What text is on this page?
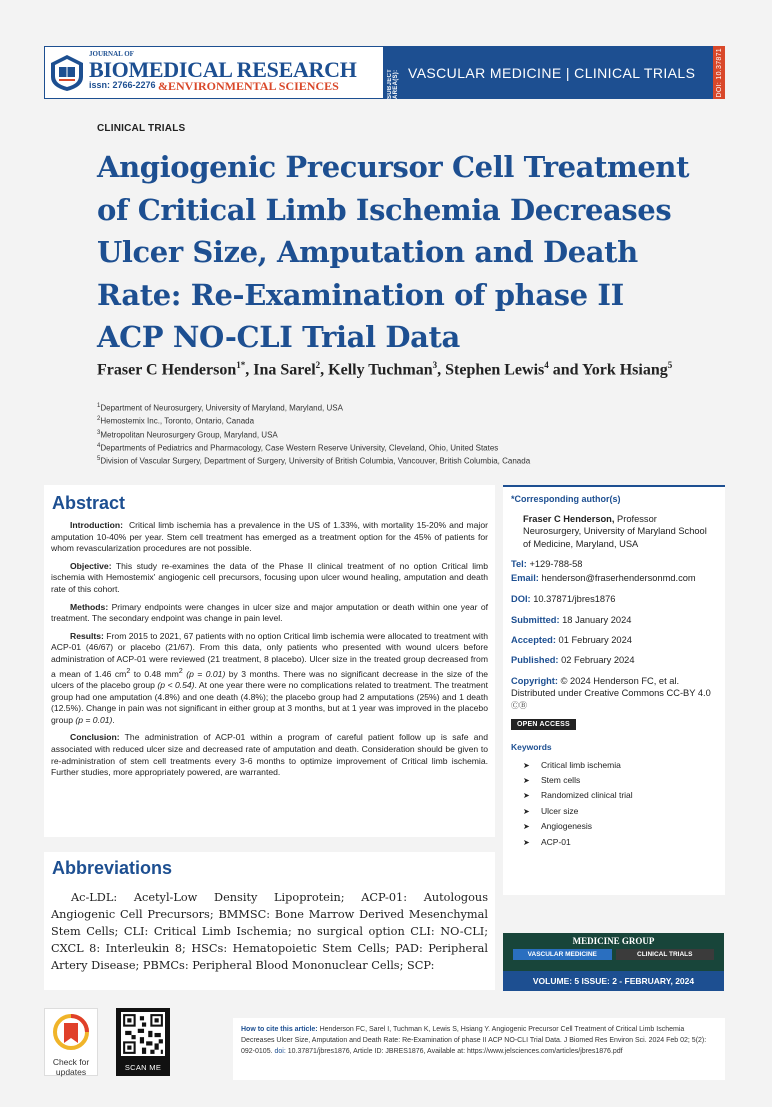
JOURNAL OF
BIOMEDICAL RESEARCH
issn: 2766-2276 &ENVIRONMENTAL SCIENCES	SUBJECT AREA(S): VASCULAR MEDICINE | CLINICAL TRIALS	DOI: 10.37871
CLINICAL TRIALS
Angiogenic Precursor Cell Treatment of Critical Limb Ischemia Decreases Ulcer Size, Amputation and Death Rate: Re-Examination of phase II ACP NO-CLI Trial Data
Fraser C Henderson$^{1*}$, Ina Sarel$^2$, Kelly Tuchman$^3$, Stephen Lewis$^4$ and York Hsiang$^5$
$^1$Department of Neurosurgery, University of Maryland, Maryland, USA
$^2$Hemostemix Inc., Toronto, Ontario, Canada
$^3$Metropolitan Neurosurgery Group, Maryland, USA
$^4$Departments of Pediatrics and Pharmacology, Case Western Reserve University, Cleveland, Ohio, United States
$^5$Division of Vascular Surgery, Department of Surgery, University of British Columbia, Vancouver, British Columbia, Canada
Abstract

Introduction: Critical limb ischemia has a prevalence in the US of 1.33%, with mortality 15-20% and major amputation 10-40% per year. Stem cell treatment has emerged as a treatment option for the 45% of patients for whom revascularization procedures are not possible.

Objective: This study re-examines the data of the Phase II clinical treatment of no option Critical limb ischemia with Hemostemix' angiogenic cell precursors, focusing upon ulcer wound healing, amputation and death rate of this cohort.

Methods: Primary endpoints were changes in ulcer size and major amputation or death within one year of treatment. The secondary endpoint was change in pain level.

Results: From 2015 to 2021, 67 patients with no option Critical limb ischemia were allocated to treatment with ACP-01 (46/67) or placebo (21/67). From this data, only patients who presented with wound ulcers before administration of ACP-01 were reviewed (21 treatment, 8 placebo). Ulcer size in the treated group decreased from a mean of 1.46 $cm^2$ to 0.48 $mm^2$ (p = 0.01) by 3 months. There was no significant decrease in the size of the ulcers of the placebo group (p < 0.54). At one year there were no complications related to treatment. The treatment group had one amputation (4.8%) and one death (4.8%); the placebo group had 2 amputations (25%) and 1 death (12.5%). Change in pain was not significant in either group at 3 months, but at 1 year was improved in the placebo group (p = 0.01).

Conclusion: The administration of ACP-01 within a program of careful patient follow up is safe and associated with reduced ulcer size and decreased rate of amputation and death. Consideration should be given to re-administration of stem cell treatments every 3-6 months to optimize improvement of Critical limb ischemia. Further studies, more appropriately powered, are warranted.

Abbreviations

Ac-LDL: Acetyl-Low Density Lipoprotein; ACP-01: Autologous Angiogenic Cell Precursors; BMMSC: Bone Marrow Derived Mesenchymal Stem Cells; CLI: Critical Limb Ischemia; no surgical option CLI: NO-CLI; CXCL 8: Interleukin 8; HSCs: Hematopoietic Stem Cells; PAD: Peripheral Artery Disease; PBMCs: Peripheral Blood Mononuclear Cells; SCP:

*Corresponding author(s)
Fraser C Henderson, Professor Neurosurgery, University of Maryland School of Medicine, Maryland, USA
Tel: +129-788-58
Email: henderson@fraserhendersonmd.com
DOI: 10.37871/jbres1876
Submitted: 18 January 2024
Accepted: 01 February 2024
Published: 02 February 2024
Copyright: © 2024 Henderson FC, et al. Distributed under Creative Commons CC-BY 4.0 ⒸⒷ
OPEN ACCESS
Keywords
➤	Critical limb ischemia
➤	Stem cells
➤	Randomized clinical trial
➤	Ulcer size
➤	Angiogenesis
➤	ACP-01
MEDICINE GROUP
VASCULAR MEDICINE	CLINICAL TRIALS
VOLUME: 5 ISSUE: 2 - FEBRUARY, 2024
Check for updates	SCAN ME
How to cite this article: Henderson FC, Sarel I, Tuchman K, Lewis S, Hsiang Y. Angiogenic Precursor Cell Treatment of Critical Limb Ischemia Decreases Ulcer Size, Amputation and Death Rate: Re-Examination of phase II ACP NO-CLI Trial Data. J Biomed Res Environ Sci. 2024 Feb 02; 5(2): 092-0105. doi: 10.37871/jbres1876, Article ID: JBRES1876, Available at: https://www.jelsciences.com/articles/jbres1876.pdf
